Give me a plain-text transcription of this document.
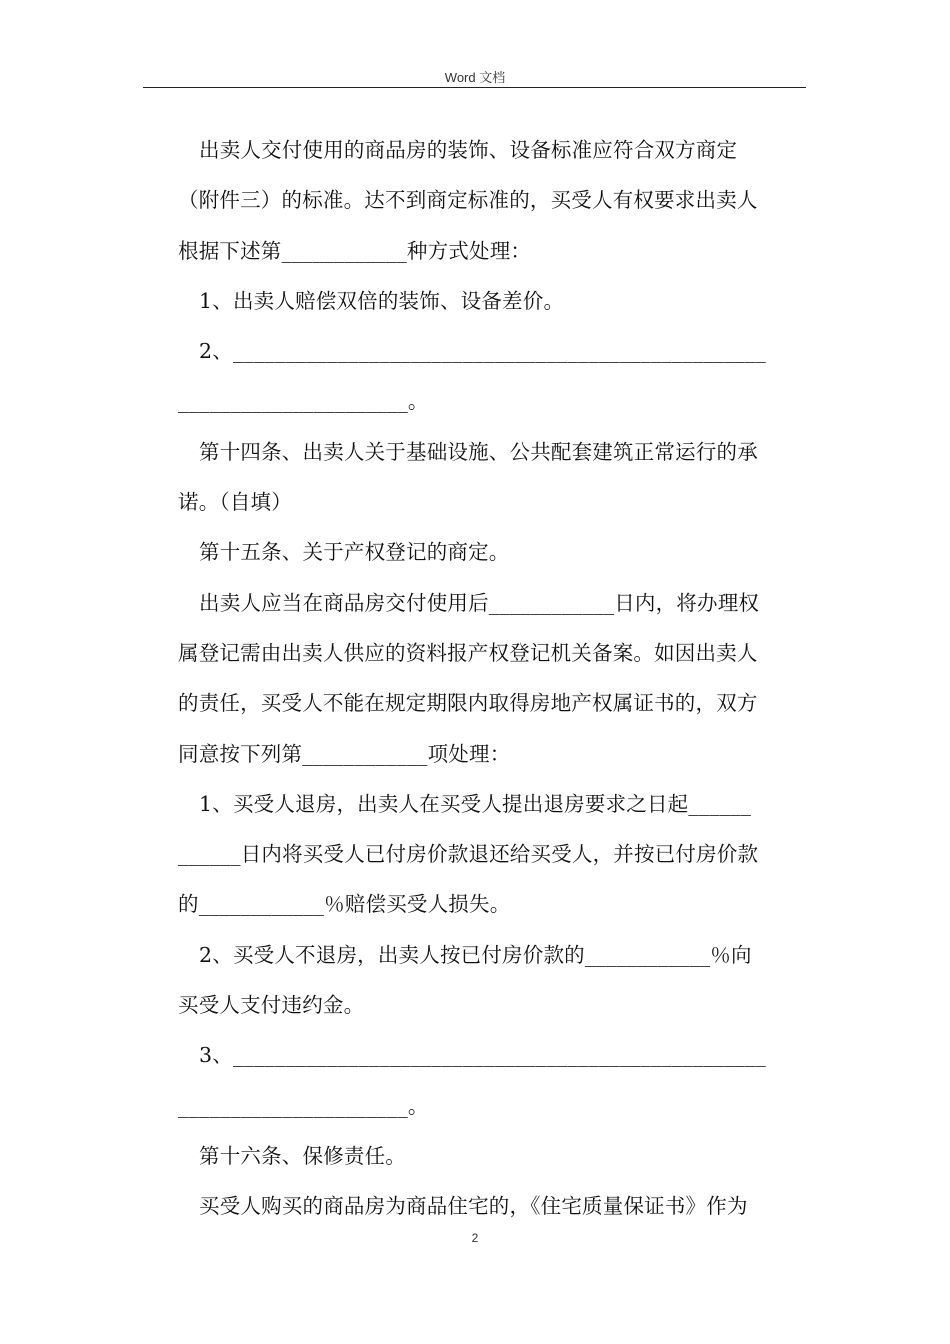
Word 文档
出卖人交付使用的商品房的装饰、设备标准应符合双方商定
（附件三）的标准。达不到商定标准的，买受人有权要求出卖人
根据下述第____________种方式处理：
1、出卖人赔偿双倍的装饰、设备差价。
2、___________________________________________________
______________________。
第十四条、出卖人关于基础设施、公共配套建筑正常运行的承
诺。（自填）
第十五条、关于产权登记的商定。
出卖人应当在商品房交付使用后____________日内，将办理权
属登记需由出卖人供应的资料报产权登记机关备案。如因出卖人
的责任，买受人不能在规定期限内取得房地产权属证书的，双方
同意按下列第____________项处理：
1、买受人退房，出卖人在买受人提出退房要求之日起______
______日内将买受人已付房价款退还给买受人，并按已付房价款
的____________％赔偿买受人损失。
2、买受人不退房，出卖人按已付房价款的____________％向
买受人支付违约金。
3、___________________________________________________
______________________。
第十六条、保修责任。
买受人购买的商品房为商品住宅的，《住宅质量保证书》作为
2
